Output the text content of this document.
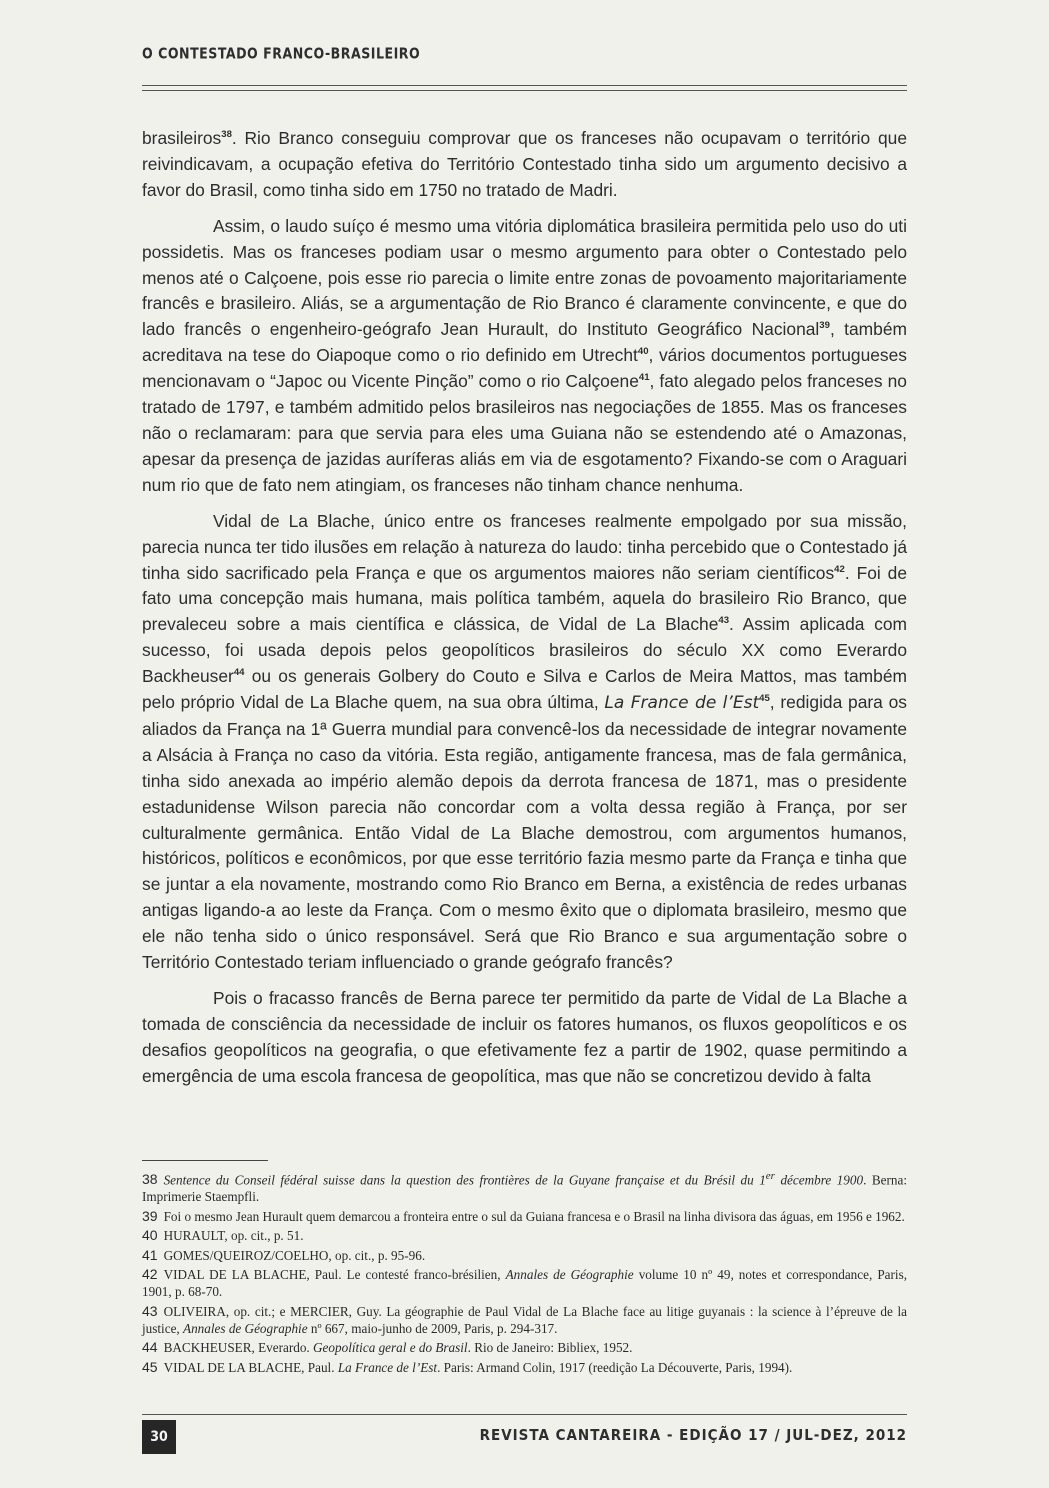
O CONTESTADO FRANCO-BRASILEIRO

brasileiros$^{38}$. Rio Branco conseguiu comprovar que os franceses não ocupavam o território que reivindicavam, a ocupação efetiva do Território Contestado tinha sido um argumento decisivo a favor do Brasil, como tinha sido em 1750 no tratado de Madri.

Assim, o laudo suíço é mesmo uma vitória diplomática brasileira permitida pelo uso do uti possidetis. Mas os franceses podiam usar o mesmo argumento para obter o Contestado pelo menos até o Calçoene, pois esse rio parecia o limite entre zonas de povoamento majoritariamente francês e brasileiro. Aliás, se a argumentação de Rio Branco é claramente convincente, e que do lado francês o engenheiro-geógrafo Jean Hurault, do Instituto Geográfico Nacional$^{39}$, também acreditava na tese do Oiapoque como o rio definido em Utrecht$^{40}$, vários documentos portugueses mencionavam o “Japoc ou Vicente Pinção” como o rio Calçoene$^{41}$, fato alegado pelos franceses no tratado de 1797, e também admitido pelos brasileiros nas negociações de 1855. Mas os franceses não o reclamaram: para que servia para eles uma Guiana não se estendendo até o Amazonas, apesar da presença de jazidas auríferas aliás em via de esgotamento? Fixando-se com o Araguari num rio que de fato nem atingiam, os franceses não tinham chance nenhuma.

Vidal de La Blache, único entre os franceses realmente empolgado por sua missão, parecia nunca ter tido ilusões em relação à natureza do laudo: tinha percebido que o Contestado já tinha sido sacrificado pela França e que os argumentos maiores não seriam científicos$^{42}$. Foi de fato uma concepção mais humana, mais política também, aquela do brasileiro Rio Branco, que prevaleceu sobre a mais científica e clássica, de Vidal de La Blache$^{43}$. Assim aplicada com sucesso, foi usada depois pelos geopolíticos brasileiros do século XX como Everardo Backheuser$^{44}$ ou os generais Golbery do Couto e Silva e Carlos de Meira Mattos, mas também pelo próprio Vidal de La Blache quem, na sua obra última, La France de l’Est$^{45}$, redigida para os aliados da França na 1ª Guerra mundial para convencê-los da necessidade de integrar novamente a Alsácia à França no caso da vitória. Esta região, antigamente francesa, mas de fala germânica, tinha sido anexada ao império alemão depois da derrota francesa de 1871, mas o presidente estadunidense Wilson parecia não concordar com a volta dessa região à França, por ser culturalmente germânica. Então Vidal de La Blache demostrou, com argumentos humanos, históricos, políticos e econômicos, por que esse território fazia mesmo parte da França e tinha que se juntar a ela novamente, mostrando como Rio Branco em Berna, a existência de redes urbanas antigas ligando-a ao leste da França. Com o mesmo êxito que o diplomata brasileiro, mesmo que ele não tenha sido o único responsável. Será que Rio Branco e sua argumentação sobre o Território Contestado teriam influenciado o grande geógrafo francês?

Pois o fracasso francês de Berna parece ter permitido da parte de Vidal de La Blache a tomada de consciência da necessidade de incluir os fatores humanos, os fluxos geopolíticos e os desafios geopolíticos na geografia, o que efetivamente fez a partir de 1902, quase permitindo a emergência de uma escola francesa de geopolítica, mas que não se concretizou devido à falta

38 Sentence du Conseil fédéral suisse dans la question des frontières de la Guyane française et du Brésil du 1er décembre 1900. Berna: Imprimerie Staempfli.
39 Foi o mesmo Jean Hurault quem demarcou a fronteira entre o sul da Guiana francesa e o Brasil na linha divisora das águas, em 1956 e 1962.
40 HURAULT, op. cit., p. 51.
41 GOMES/QUEIROZ/COELHO, op. cit., p. 95-96.
42 VIDAL DE LA BLACHE, Paul. Le contesté franco-brésilien, Annales de Géographie volume 10 nº 49, notes et correspondance, Paris, 1901, p. 68-70.
43 OLIVEIRA, op. cit.; e MERCIER, Guy. La géographie de Paul Vidal de La Blache face au litige guyanais : la science à l’épreuve de la justice, Annales de Géographie nº 667, maio-junho de 2009, Paris, p. 294-317.
44 BACKHEUSER, Everardo. Geopolítica geral e do Brasil. Rio de Janeiro: Bibliex, 1952.
45 VIDAL DE LA BLACHE, Paul. La France de l’Est. Paris: Armand Colin, 1917 (reedição La Découverte, Paris, 1994).
30	REVISTA CANTAREIRA - EDIÇÃO 17 / JUL-DEZ, 2012
